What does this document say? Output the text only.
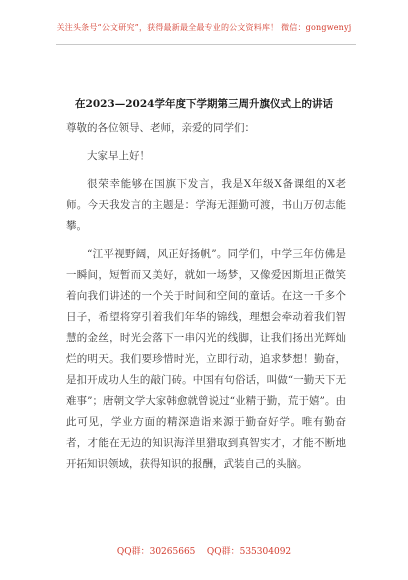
关注头条号“公文研究”，获得最新最全最专业的公文资料库！ 微信：gongwenyj
在2023—2024学年度下学期第三周升旗仪式上的讲话

尊敬的各位领导、老师，亲爱的同学们：

大家早上好！

很荣幸能够在国旗下发言，我是X年级X备课组的X老师。今天我发言的主题是：学海无涯勤可渡，书山万仞志能攀。

“江平视野阔，风正好扬帆”。同学们，中学三年仿佛是一瞬间，短暂而又美好，就如一场梦，又像爱因斯坦正微笑着向我们讲述的一个关于时间和空间的童话。在这一千多个日子，希望将穿引着我们年华的锦线，理想会牵动着我们智慧的金丝，时光会落下一串闪光的线脚，让我们扬出光辉灿烂的明天。我们要珍惜时光，立即行动，追求梦想！勤奋，是扣开成功人生的敲门砖。中国有句俗话，叫做“一勤天下无难事”；唐朝文学大家韩愈就曾说过“业精于勤，荒于嬉”。由此可见，学业方面的精深造诣来源于勤奋好学。唯有勤奋者，才能在无边的知识海洋里猎取到真智实才，才能不断地开拓知识领域，获得知识的报酬，武装自己的头脑。

QQ群：30265665    QQ群：535304092
